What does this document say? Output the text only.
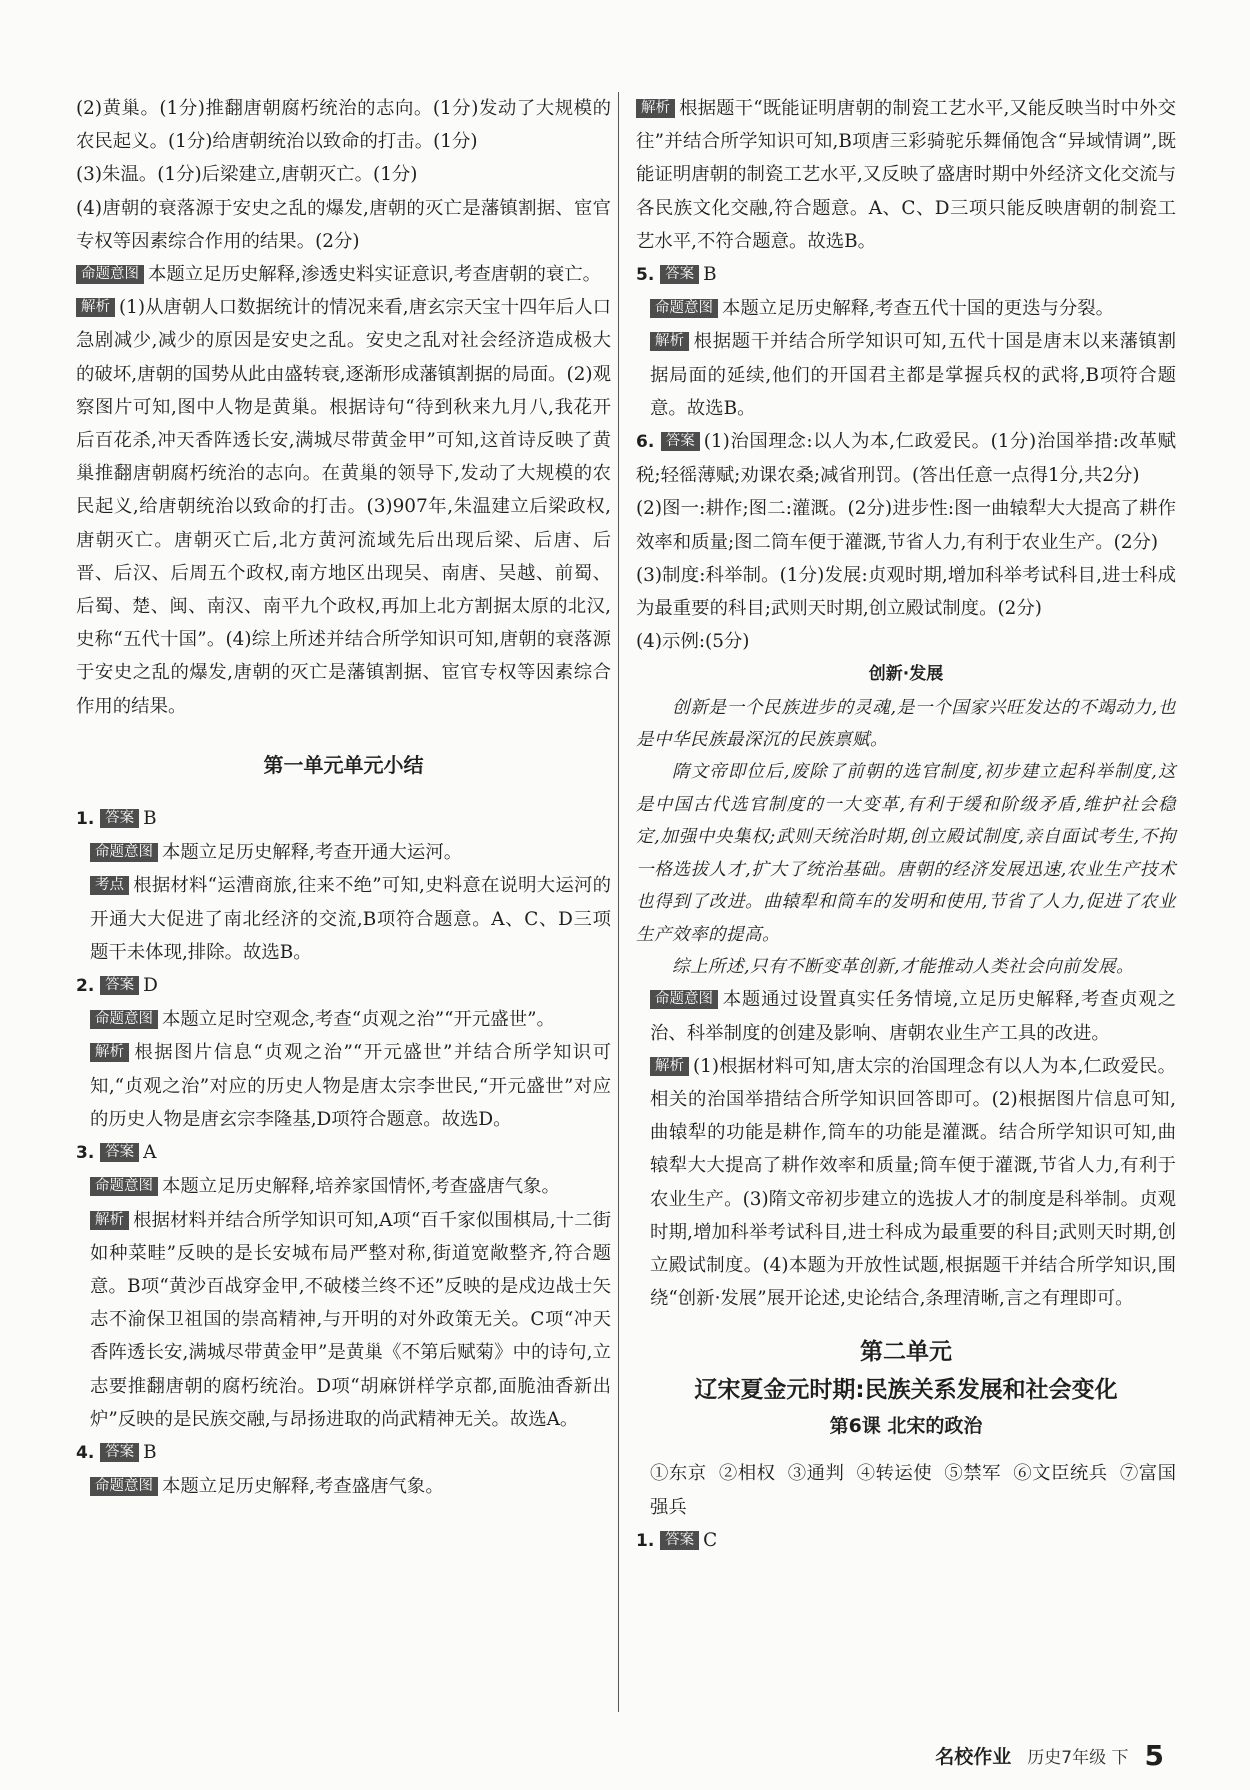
(2)黄巢。(1分)推翻唐朝腐朽统治的志向。(1分)发动了大规模的农民起义。(1分)给唐朝统治以致命的打击。(1分)

(3)朱温。(1分)后梁建立,唐朝灭亡。(1分)

(4)唐朝的衰落源于安史之乱的爆发,唐朝的灭亡是藩镇割据、宦官专权等因素综合作用的结果。(2分)

命题意图 本题立足历史解释,渗透史料实证意识,考查唐朝的衰亡。

解析 (1)从唐朝人口数据统计的情况来看,唐玄宗天宝十四年后人口急剧减少,减少的原因是安史之乱。安史之乱对社会经济造成极大的破坏,唐朝的国势从此由盛转衰,逐渐形成藩镇割据的局面。(2)观察图片可知,图中人物是黄巢。根据诗句“待到秋来九月八,我花开后百花杀,冲天香阵透长安,满城尽带黄金甲”可知,这首诗反映了黄巢推翻唐朝腐朽统治的志向。在黄巢的领导下,发动了大规模的农民起义,给唐朝统治以致命的打击。(3)907年,朱温建立后梁政权,唐朝灭亡。唐朝灭亡后,北方黄河流域先后出现后梁、后唐、后晋、后汉、后周五个政权,南方地区出现吴、南唐、吴越、前蜀、后蜀、楚、闽、南汉、南平九个政权,再加上北方割据太原的北汉,史称“五代十国”。(4)综上所述并结合所学知识可知,唐朝的衰落源于安史之乱的爆发,唐朝的灭亡是藩镇割据、宦官专权等因素综合作用的结果。

第一单元单元小结

1. 答案 B

命题意图 本题立足历史解释,考查开通大运河。

考点 根据材料“运漕商旅,往来不绝”可知,史料意在说明大运河的开通大大促进了南北经济的交流,B项符合题意。A、C、D三项题干未体现,排除。故选B。

2. 答案 D

命题意图 本题立足时空观念,考查“贞观之治”“开元盛世”。

解析 根据图片信息“贞观之治”“开元盛世”并结合所学知识可知,“贞观之治”对应的历史人物是唐太宗李世民,“开元盛世”对应的历史人物是唐玄宗李隆基,D项符合题意。故选D。

3. 答案 A

命题意图 本题立足历史解释,培养家国情怀,考查盛唐气象。

解析 根据材料并结合所学知识可知,A项“百千家似围棋局,十二街如种菜畦”反映的是长安城布局严整对称,街道宽敞整齐,符合题意。B项“黄沙百战穿金甲,不破楼兰终不还”反映的是戍边战士矢志不渝保卫祖国的崇高精神,与开明的对外政策无关。C项“冲天香阵透长安,满城尽带黄金甲”是黄巢《不第后赋菊》中的诗句,立志要推翻唐朝的腐朽统治。D项“胡麻饼样学京都,面脆油香新出炉”反映的是民族交融,与昂扬进取的尚武精神无关。故选A。

4. 答案 B

命题意图 本题立足历史解释,考查盛唐气象。

解析 根据题干“既能证明唐朝的制瓷工艺水平,又能反映当时中外交往”并结合所学知识可知,B项唐三彩骑驼乐舞俑饱含“异域情调”,既能证明唐朝的制瓷工艺水平,又反映了盛唐时期中外经济文化交流与各民族文化交融,符合题意。A、C、D三项只能反映唐朝的制瓷工艺水平,不符合题意。故选B。

5. 答案 B

命题意图 本题立足历史解释,考查五代十国的更迭与分裂。

解析 根据题干并结合所学知识可知,五代十国是唐末以来藩镇割据局面的延续,他们的开国君主都是掌握兵权的武将,B项符合题意。故选B。

6. 答案 (1)治国理念:以人为本,仁政爱民。(1分)治国举措:改革赋税;轻徭薄赋;劝课农桑;减省刑罚。(答出任意一点得1分,共2分)

(2)图一:耕作;图二:灌溉。(2分)进步性:图一曲辕犁大大提高了耕作效率和质量;图二筒车便于灌溉,节省人力,有利于农业生产。(2分)

(3)制度:科举制。(1分)发展:贞观时期,增加科举考试科目,进士科成为最重要的科目;武则天时期,创立殿试制度。(2分)

(4)示例:(5分)

创新·发展

创新是一个民族进步的灵魂,是一个国家兴旺发达的不竭动力,也是中华民族最深沉的民族禀赋。

隋文帝即位后,废除了前朝的选官制度,初步建立起科举制度,这是中国古代选官制度的一大变革,有利于缓和阶级矛盾,维护社会稳定,加强中央集权;武则天统治时期,创立殿试制度,亲自面试考生,不拘一格选拔人才,扩大了统治基础。唐朝的经济发展迅速,农业生产技术也得到了改进。曲辕犁和筒车的发明和使用,节省了人力,促进了农业生产效率的提高。

综上所述,只有不断变革创新,才能推动人类社会向前发展。

命题意图 本题通过设置真实任务情境,立足历史解释,考查贞观之治、科举制度的创建及影响、唐朝农业生产工具的改进。

解析 (1)根据材料可知,唐太宗的治国理念有以人为本,仁政爱民。相关的治国举措结合所学知识回答即可。(2)根据图片信息可知,曲辕犁的功能是耕作,筒车的功能是灌溉。结合所学知识可知,曲辕犁大大提高了耕作效率和质量;筒车便于灌溉,节省人力,有利于农业生产。(3)隋文帝初步建立的选拔人才的制度是科举制。贞观时期,增加科举考试科目,进士科成为最重要的科目;武则天时期,创立殿试制度。(4)本题为开放性试题,根据题干并结合所学知识,围绕“创新·发展”展开论述,史论结合,条理清晰,言之有理即可。

第二单元
辽宋夏金元时期:民族关系发展和社会变化
第6课 北宋的政治

①东京 ②相权 ③通判 ④转运使 ⑤禁军 ⑥文臣统兵 ⑦富国强兵

1. 答案 C

名校作业 历史7年级 下 5
